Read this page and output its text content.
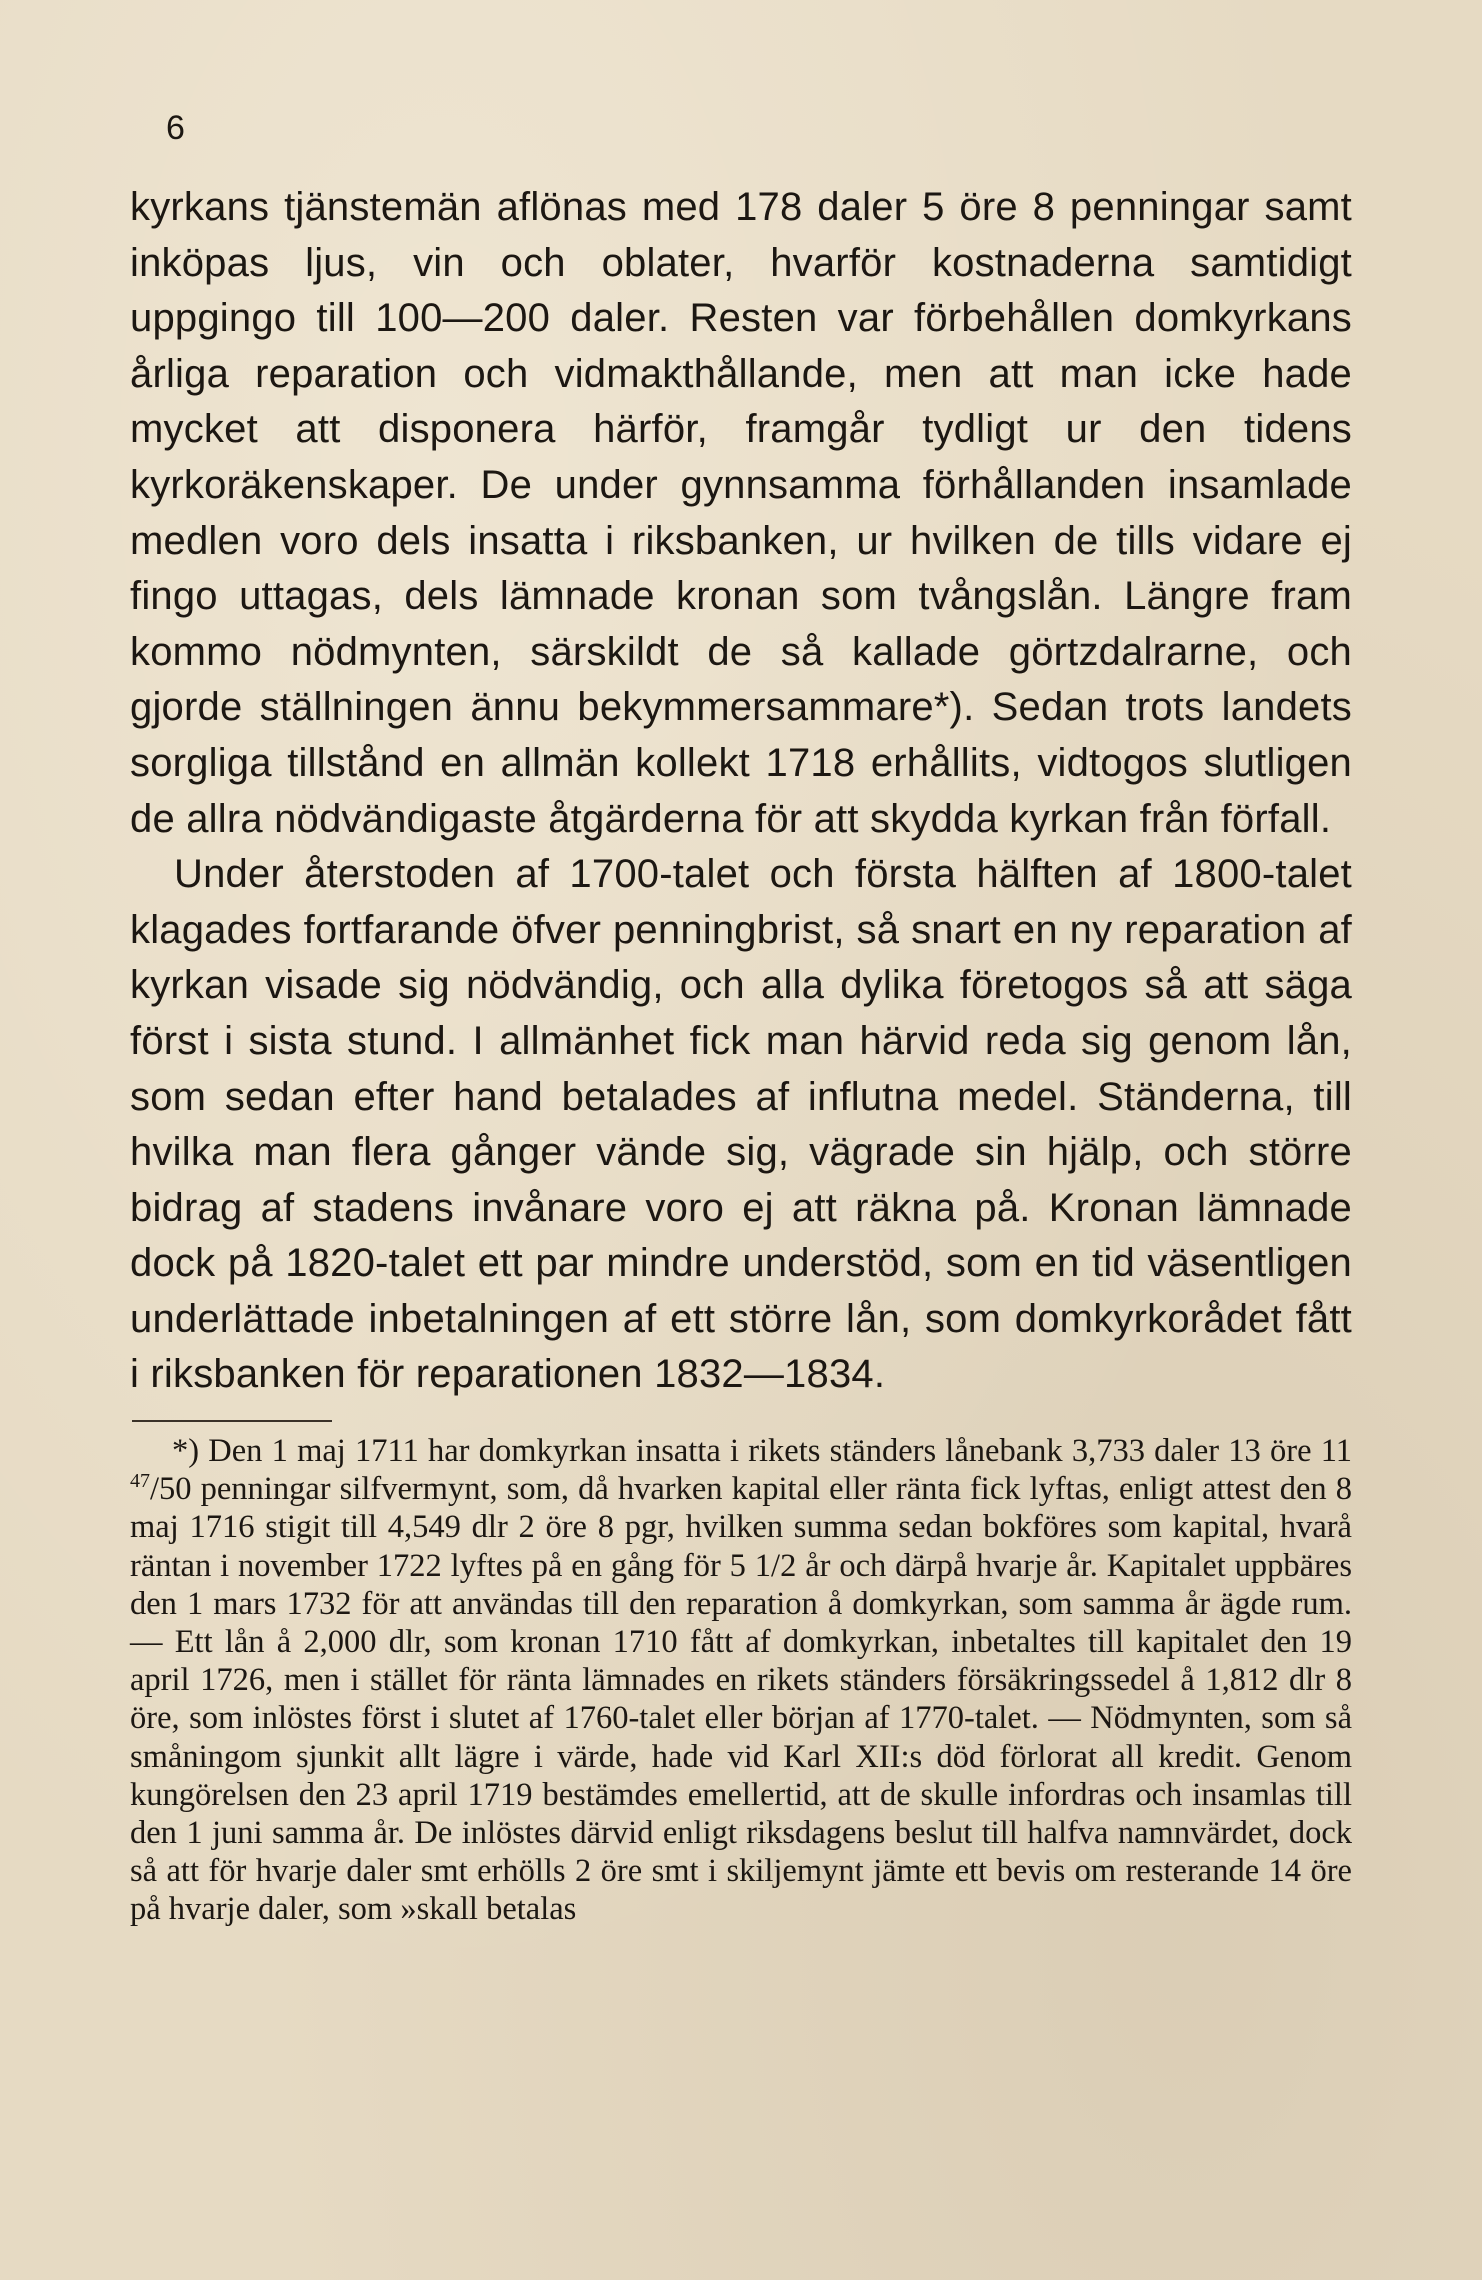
6

kyrkans tjänstemän aflönas med 178 daler 5 öre 8 penningar samt inköpas ljus, vin och oblater, hvarför kostnaderna samtidigt uppgingo till 100—200 daler. Resten var förbehållen domkyrkans årliga reparation och vidmakthållande, men att man icke hade mycket att disponera härför, framgår tydligt ur den tidens kyrkoräkenskaper. De under gynnsamma förhållanden insamlade medlen voro dels insatta i riksbanken, ur hvilken de tills vidare ej fingo uttagas, dels lämnade kronan som tvångslån. Längre fram kommo nödmynten, särskildt de så kallade görtzdalrarne, och gjorde ställningen ännu bekymmersammare*). Sedan trots landets sorgliga tillstånd en allmän kollekt 1718 erhållits, vidtogos slutligen de allra nödvändigaste åtgärderna för att skydda kyrkan från förfall.

Under återstoden af 1700-talet och första hälften af 1800-talet klagades fortfarande öfver penningbrist, så snart en ny reparation af kyrkan visade sig nödvändig, och alla dylika företogos så att säga först i sista stund. I allmänhet fick man härvid reda sig genom lån, som sedan efter hand betalades af influtna medel. Ständerna, till hvilka man flera gånger vände sig, vägrade sin hjälp, och större bidrag af stadens invånare voro ej att räkna på. Kronan lämnade dock på 1820-talet ett par mindre understöd, som en tid väsentligen underlättade inbetalningen af ett större lån, som domkyrkorådet fått i riksbanken för reparationen 1832—1834.

*) Den 1 maj 1711 har domkyrkan insatta i rikets ständers lånebank 3,733 daler 13 öre 11 $^{47}$/50 penningar silfvermynt, som, då hvarken kapital eller ränta fick lyftas, enligt attest den 8 maj 1716 stigit till 4,549 dlr 2 öre 8 pgr, hvilken summa sedan bokföres som kapital, hvarå räntan i november 1722 lyftes på en gång för 5 1/2 år och därpå hvarje år. Kapitalet uppbäres den 1 mars 1732 för att användas till den reparation å domkyrkan, som samma år ägde rum. — Ett lån å 2,000 dlr, som kronan 1710 fått af domkyrkan, inbetaltes till kapitalet den 19 april 1726, men i stället för ränta lämnades en rikets ständers försäkringssedel å 1,812 dlr 8 öre, som inlöstes först i slutet af 1760-talet eller början af 1770-talet. — Nödmynten, som så småningom sjunkit allt lägre i värde, hade vid Karl XII:s död förlorat all kredit. Genom kungörelsen den 23 april 1719 bestämdes emellertid, att de skulle infordras och insamlas till den 1 juni samma år. De inlöstes därvid enligt riksdagens beslut till halfva namnvärdet, dock så att för hvarje daler smt erhölls 2 öre smt i skiljemynt jämte ett bevis om resterande 14 öre på hvarje daler, som »skall betalas
